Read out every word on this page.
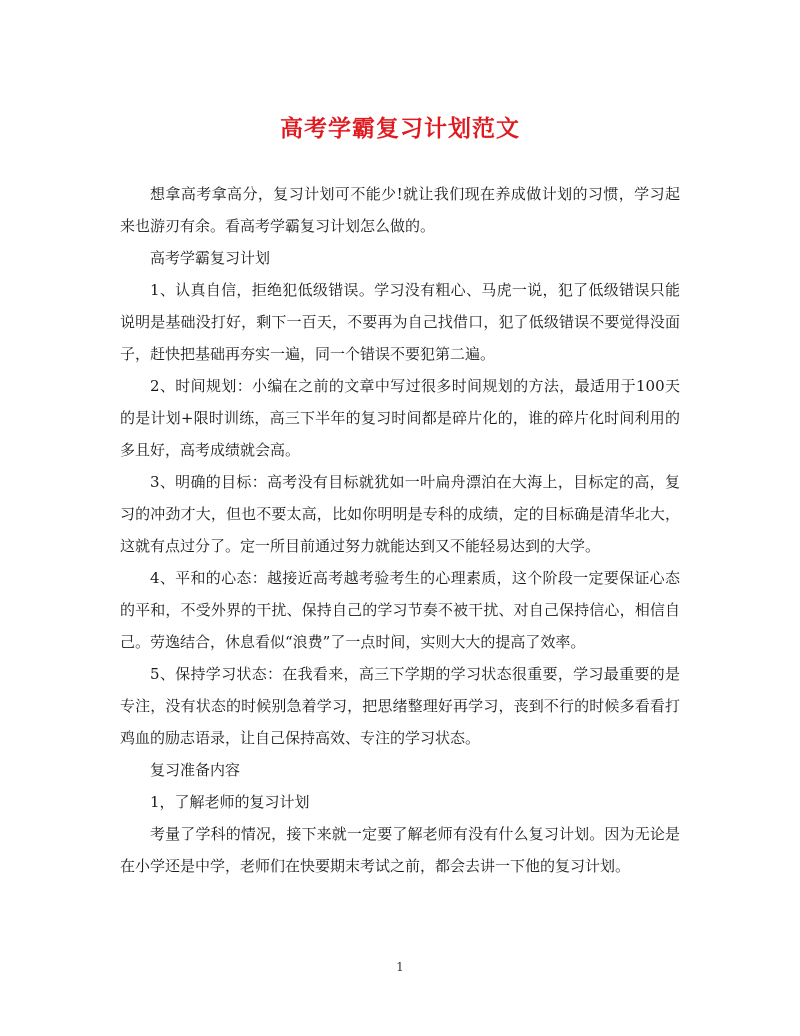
高考学霸复习计划范文

想拿高考拿高分，复习计划可不能少!就让我们现在养成做计划的习惯，学习起来也游刃有余。看高考学霸复习计划怎么做的。

高考学霸复习计划

1、认真自信，拒绝犯低级错误。学习没有粗心、马虎一说，犯了低级错误只能说明是基础没打好，剩下一百天，不要再为自己找借口，犯了低级错误不要觉得没面子，赶快把基础再夯实一遍，同一个错误不要犯第二遍。

2、时间规划：小编在之前的文章中写过很多时间规划的方法，最适用于100天的是计划+限时训练，高三下半年的复习时间都是碎片化的，谁的碎片化时间利用的多且好，高考成绩就会高。

3、明确的目标：高考没有目标就犹如一叶扁舟漂泊在大海上，目标定的高，复习的冲劲才大，但也不要太高，比如你明明是专科的成绩，定的目标确是清华北大，这就有点过分了。定一所目前通过努力就能达到又不能轻易达到的大学。

4、平和的心态：越接近高考越考验考生的心理素质，这个阶段一定要保证心态的平和，不受外界的干扰、保持自己的学习节奏不被干扰、对自己保持信心，相信自己。劳逸结合，休息看似“浪费”了一点时间，实则大大的提高了效率。

5、保持学习状态：在我看来，高三下学期的学习状态很重要，学习最重要的是专注，没有状态的时候别急着学习，把思绪整理好再学习，丧到不行的时候多看看打鸡血的励志语录，让自己保持高效、专注的学习状态。

复习准备内容

1，了解老师的复习计划

考量了学科的情况，接下来就一定要了解老师有没有什么复习计划。因为无论是在小学还是中学，老师们在快要期末考试之前，都会去讲一下他的复习计划。

1
